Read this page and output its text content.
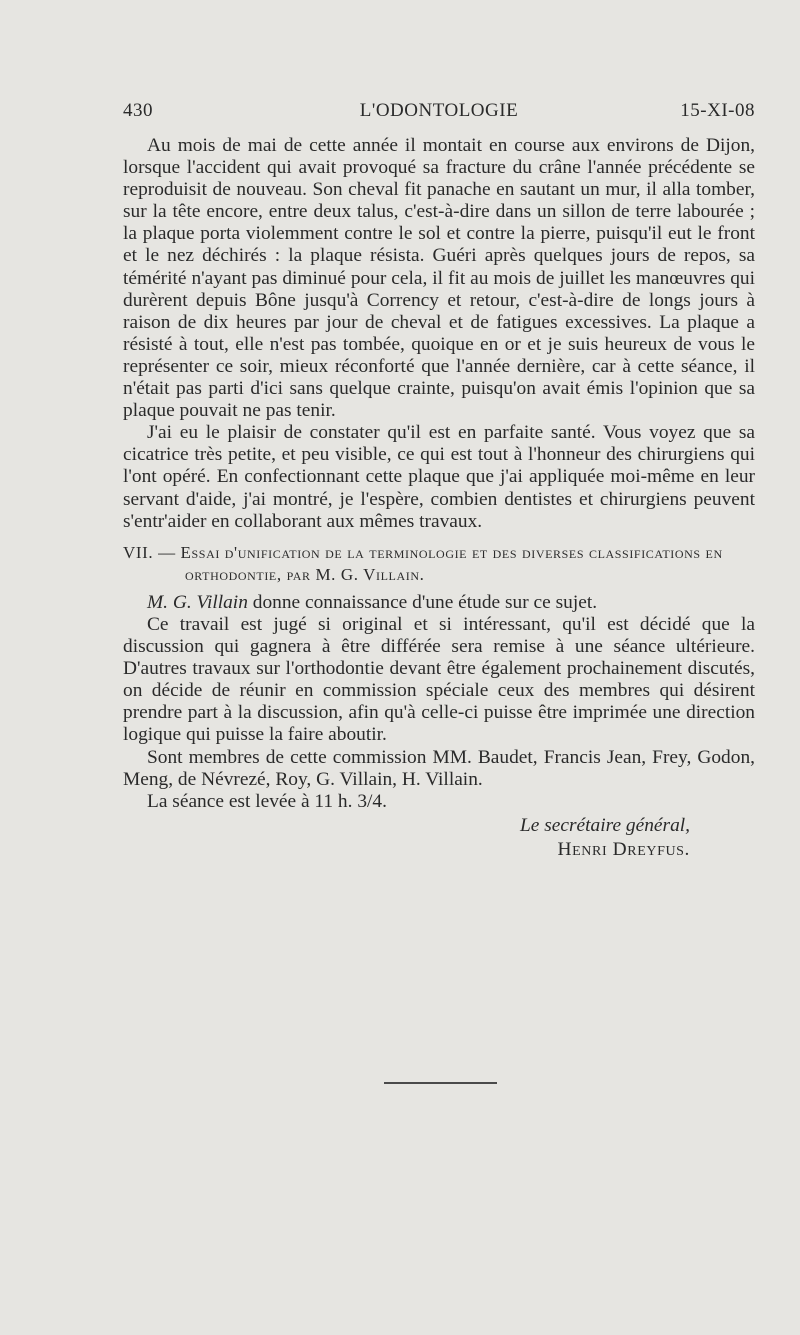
430	L'ODONTOLOGIE	15-XI-08

Au mois de mai de cette année il montait en course aux environs de Dijon, lorsque l'accident qui avait provoqué sa fracture du crâne l'année précédente se reproduisit de nouveau. Son cheval fit panache en sautant un mur, il alla tomber, sur la tête encore, entre deux talus, c'est-à-dire dans un sillon de terre labourée ; la plaque porta violemment contre le sol et contre la pierre, puisqu'il eut le front et le nez déchirés : la plaque résista. Guéri après quelques jours de repos, sa témérité n'ayant pas diminué pour cela, il fit au mois de juillet les manœuvres qui durèrent depuis Bône jusqu'à Corrency et retour, c'est-à-dire de longs jours à raison de dix heures par jour de cheval et de fatigues excessives. La plaque a résisté à tout, elle n'est pas tombée, quoique en or et je suis heureux de vous le représenter ce soir, mieux réconforté que l'année dernière, car à cette séance, il n'était pas parti d'ici sans quelque crainte, puisqu'on avait émis l'opinion que sa plaque pouvait ne pas tenir.

J'ai eu le plaisir de constater qu'il est en parfaite santé. Vous voyez que sa cicatrice très petite, et peu visible, ce qui est tout à l'honneur des chirurgiens qui l'ont opéré. En confectionnant cette plaque que j'ai appliquée moi-même en leur servant d'aide, j'ai montré, je l'espère, combien dentistes et chirurgiens peuvent s'entr'aider en collaborant aux mêmes travaux.

VII. — Essai d'unification de la terminologie et des diverses classifications en orthodontie, par M. G. Villain.

M. G. Villain donne connaissance d'une étude sur ce sujet.

Ce travail est jugé si original et si intéressant, qu'il est décidé que la discussion qui gagnera à être différée sera remise à une séance ultérieure. D'autres travaux sur l'orthodontie devant être également prochainement discutés, on décide de réunir en commission spéciale ceux des membres qui désirent prendre part à la discussion, afin qu'à celle-ci puisse être imprimée une direction logique qui puisse la faire aboutir.

Sont membres de cette commission MM. Baudet, Francis Jean, Frey, Godon, Meng, de Névrezé, Roy, G. Villain, H. Villain.

La séance est levée à 11 h. 3/4.

Le secrétaire général,

Henri Dreyfus.
